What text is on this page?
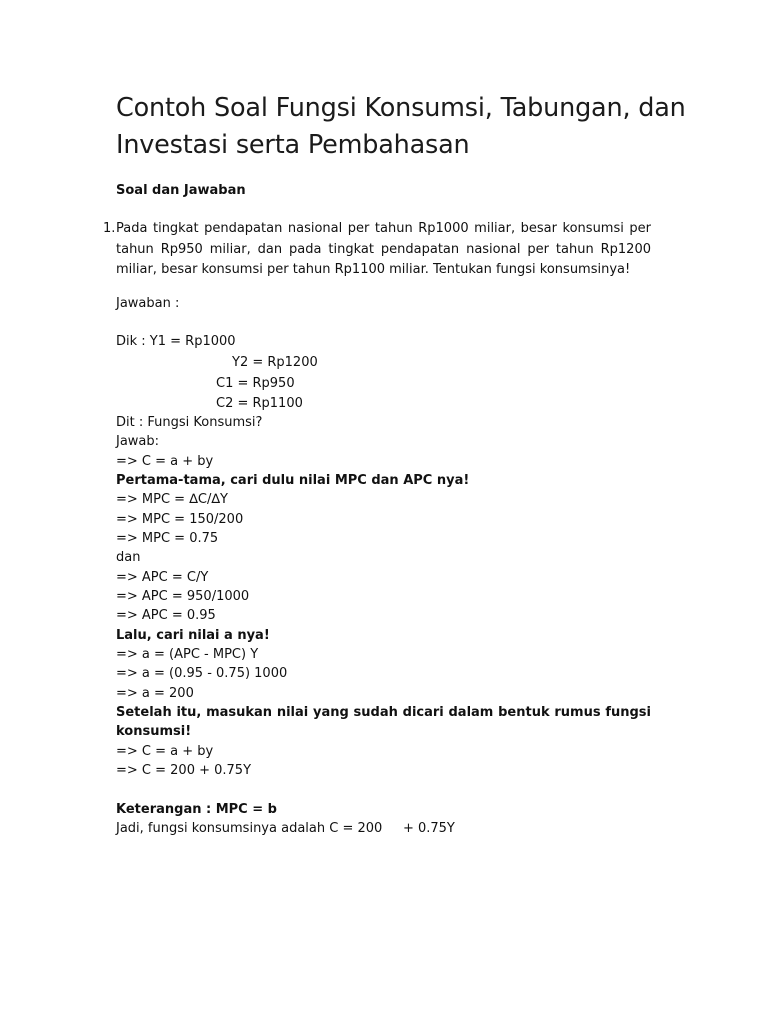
Contoh Soal Fungsi Konsumsi, Tabungan, dan Investasi serta Pembahasan
Soal dan Jawaban
1. Pada tingkat pendapatan nasional per tahun Rp1000 miliar, besar konsumsi per tahun Rp950 miliar, dan pada tingkat pendapatan nasional per tahun Rp1200 miliar, besar konsumsi per tahun Rp1100 miliar. Tentukan fungsi konsumsinya!
Jawaban :
Dik : Y1 = Rp1000
Y2 = Rp1200
C1 = Rp950
C2 = Rp1100
Dit : Fungsi Konsumsi?
Jawab:
=> C = a + by
Pertama-tama, cari dulu nilai MPC dan APC nya!
=> MPC = ∆C/∆Y
=> MPC = 150/200
=> MPC = 0.75
dan
=> APC = C/Y
=> APC = 950/1000
=> APC = 0.95
Lalu, cari nilai a nya!
=> a = (APC - MPC) Y
=> a = (0.95 - 0.75) 1000
=> a = 200
Setelah itu, masukan nilai yang sudah dicari dalam bentuk rumus fungsi
konsumsi!
=> C = a + by
=> C = 200 + 0.75Y
Keterangan : MPC = b
Jadi, fungsi konsumsinya adalah C = 200     + 0.75Y
